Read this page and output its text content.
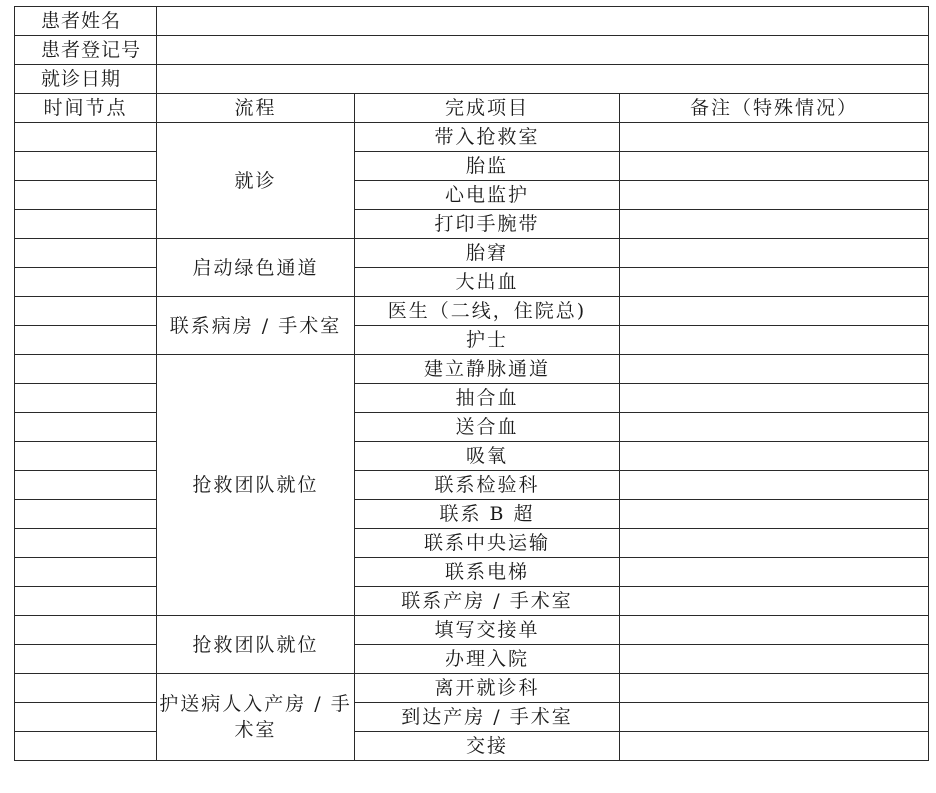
患者姓名			
患者登记号			
就诊日期			
时间节点	流程	完成项目	备注（特殊情况）
	就诊	带入抢救室	
		胎监	
		心电监护	
		打印手腕带	
	启动绿色通道	胎窘	
		大出血	
	联系病房 / 手术室	医生（二线，住院总)	
		护士	
	抢救团队就位	建立静脉通道	
		抽合血	
		送合血	
		吸氧	
		联系检验科	
		联系 B 超	
		联系中央运输	
		联系电梯	
		联系产房 / 手术室	
	抢救团队就位	填写交接单	
		办理入院	
	护送病人入产房 / 手术室	离开就诊科	
		到达产房 / 手术室	
		交接	
